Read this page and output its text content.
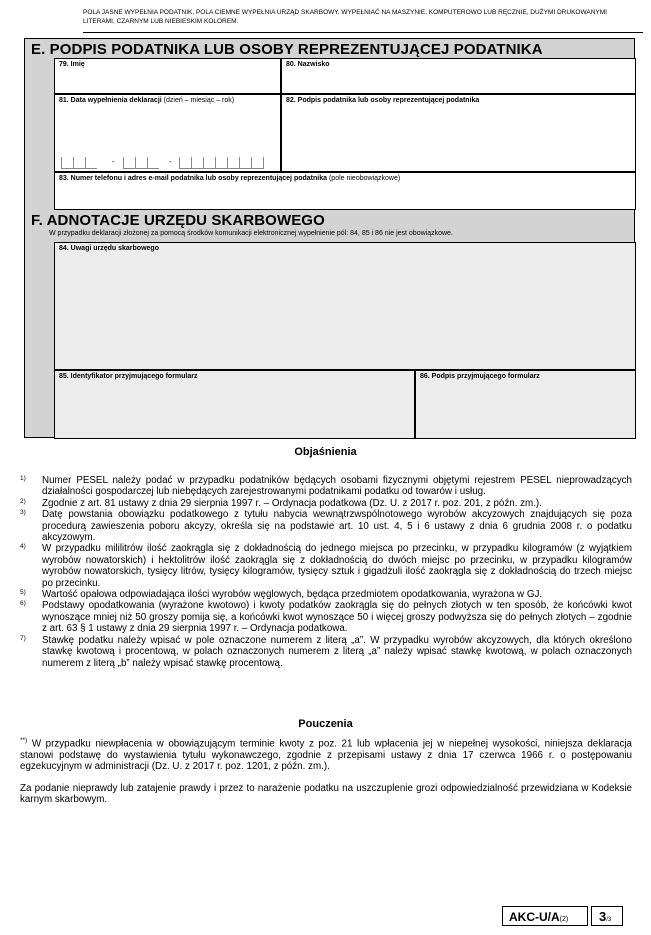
POLA JASNE WYPEŁNIA PODATNIK, POLA CIEMNE WYPEŁNIA URZĄD SKARBOWY. WYPEŁNIAĆ NA MASZYNIE, KOMPUTEROWO LUB RĘCZNIE, DUŻYMI DRUKOWANYMI LITERAMI, CZARNYM LUB NIEBIESKIM KOLOREM.
E. PODPIS PODATNIKA LUB OSOBY REPREZENTUJĄCEJ PODATNIKA
79. Imię	80. Nazwisko
81. Data wypełnienia deklaracji (dzień – miesiąc – rok)
-	-
82. Podpis podatnika lub osoby reprezentującej podatnika
83. Numer telefonu i adres e-mail podatnika lub osoby reprezentującej podatnika (pole nieobowiązkowe)
F. ADNOTACJE URZĘDU SKARBOWEGO
W przypadku deklaracji złożonej za pomocą środków komunikacji elektronicznej wypełnienie pól: 84, 85 i 86 nie jest obowiązkowe.
84. Uwagi urzędu skarbowego
85. Identyfikator przyjmującego formularz	86. Podpis przyjmującego formularz
Objaśnienia
1) Numer PESEL należy podać w przypadku podatników będących osobami fizycznymi objętymi rejestrem PESEL nieprowadzących działalności gospodarczej lub niebędących zarejestrowanymi podatnikami podatku od towarów i usług.
2) Zgodnie z art. 81 ustawy z dnia 29 sierpnia 1997 r. – Ordynacja podatkowa (Dz. U. z 2017 r. poz. 201, z późn. zm.).
3) Datę powstania obowiązku podatkowego z tytułu nabycia wewnątrzwspólnotowego wyrobów akcyzowych znajdujących się poza procedurą zawieszenia poboru akcyzy, określa się na podstawie art. 10 ust. 4, 5 i 6 ustawy z dnia 6 grudnia 2008 r. o podatku akcyzowym.
4) W przypadku mililitrów ilość zaokrągla się z dokładnością do jednego miejsca po przecinku, w przypadku kilogramów (z wyjątkiem wyrobów nowatorskich) i hektolitrów ilość zaokrągla się z dokładnością do dwóch miejsc po przecinku, w przypadku kilogramów wyrobów nowatorskich, tysięcy litrów, tysięcy kilogramów, tysięcy sztuk i gigadżuli ilość zaokrągla się z dokładnością do trzech miejsc po przecinku.
5) Wartość opałowa odpowiadająca ilości wyrobów węglowych, będąca przedmiotem opodatkowania, wyrażona w GJ.
6) Podstawy opodatkowania (wyrażone kwotowo) i kwoty podatków zaokrągla się do pełnych złotych w ten sposób, że końcówki kwot wynoszące mniej niż 50 groszy pomija się, a końcówki kwot wynoszące 50 i więcej groszy podwyższa się do pełnych złotych – zgodnie z art. 63 § 1 ustawy z dnia 29 sierpnia 1997 r. – Ordynacja podatkowa.
7) Stawkę podatku należy wpisać w pole oznaczone numerem z literą „a”. W przypadku wyrobów akcyzowych, dla których określono stawkę kwotową i procentową, w polach oznaczonych numerem z literą „a” należy wpisać stawkę kwotową, w polach oznaczonych numerem z literą „b” należy wpisać stawkę procentową.
Pouczenia
**) W przypadku niewpłacenia w obowiązującym terminie kwoty z poz. 21 lub wpłacenia jej w niepełnej wysokości, niniejsza deklaracja stanowi podstawę do wystawienia tytułu wykonawczego, zgodnie z przepisami ustawy z dnia 17 czerwca 1966 r. o postępowaniu egzekucyjnym w administracji (Dz. U. z 2017 r. poz. 1201, z późn. zm.).
Za podanie nieprawdy lub zatajenie prawdy i przez to narażenie podatku na uszczuplenie grozi odpowiedzialność przewidziana w Kodeksie karnym skarbowym.
AKC-U/A(2)	3/3
